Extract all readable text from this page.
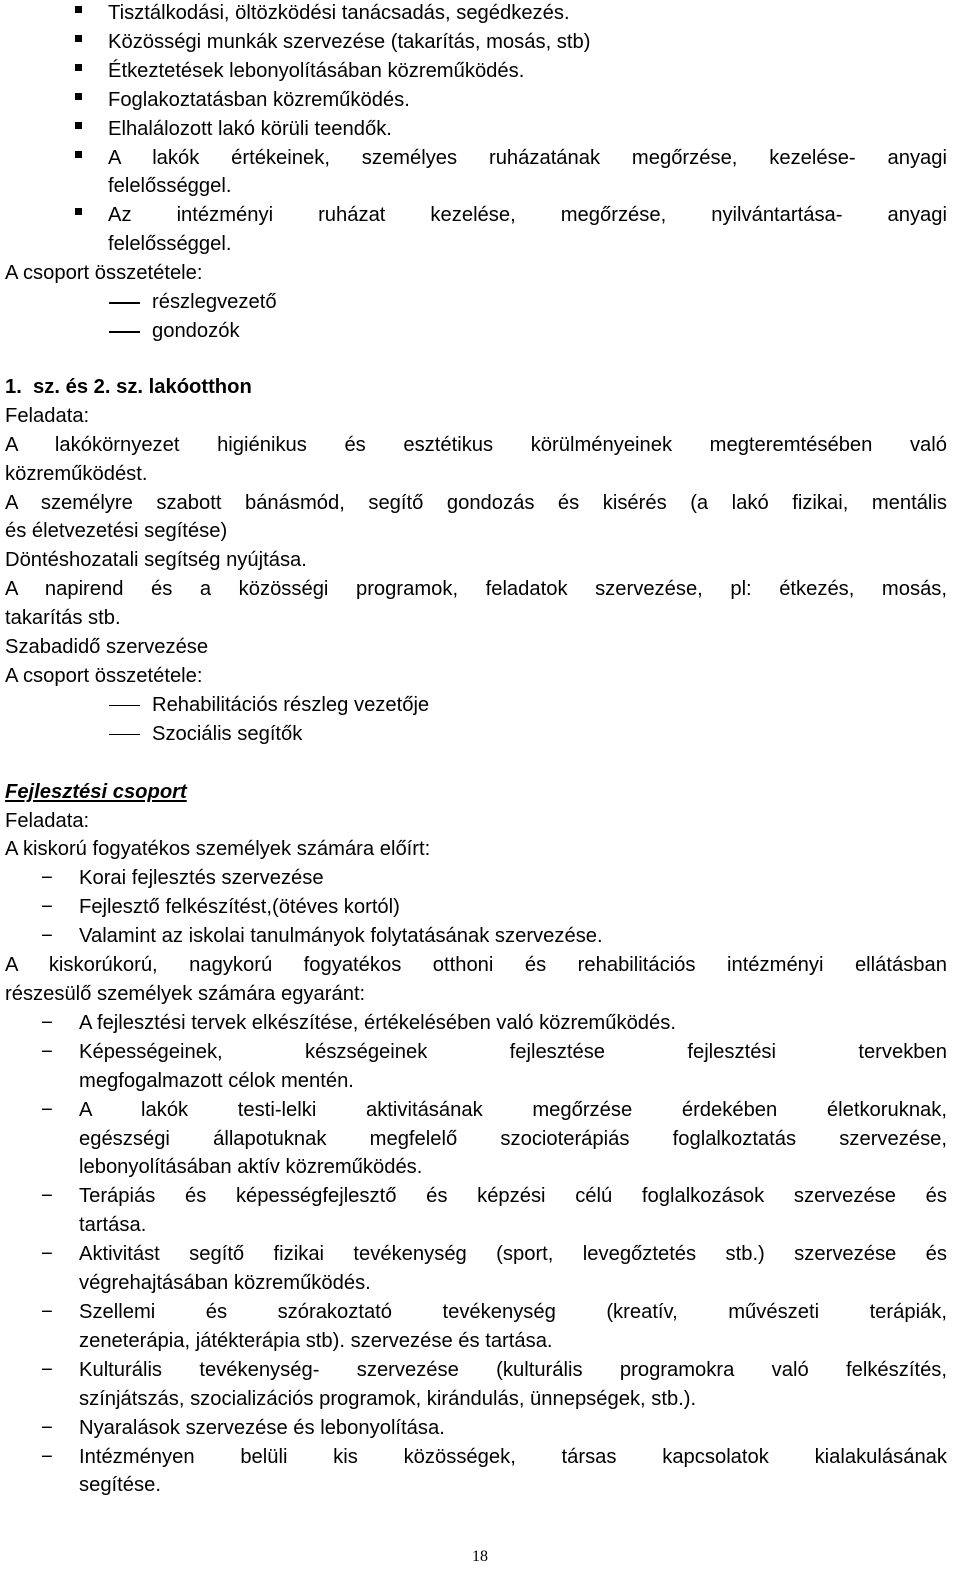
Tisztálkodási, öltözködési tanácsadás, segédkezés.
Közösségi munkák szervezése (takarítás, mosás, stb)
Étkeztetések lebonyolításában közreműködés.
Foglakoztatásban közreműködés.
Elhalálozott lakó körüli teendők.
A lakók értékeinek, személyes ruházatának megőrzése, kezelése- anyagi
felelősséggel.
Az intézményi ruházat kezelése, megőrzése, nyilvántartása- anyagi
felelősséggel.
A csoport összetétele:
részlegvezető
gondozók
1.  sz. és 2. sz. lakóotthon
Feladata:
A lakókörnyezet higiénikus és esztétikus körülményeinek megteremtésében való
közreműködést.
A személyre szabott bánásmód, segítő gondozás és kisérés (a lakó fizikai, mentális
és életvezetési segítése)
Döntéshozatali segítség nyújtása.
A napirend és a közösségi programok, feladatok szervezése, pl: étkezés, mosás,
takarítás stb.
Szabadidő szervezése
A csoport összetétele:
Rehabilitációs részleg vezetője
Szociális segítők
Fejlesztési csoport
Feladata:
A kiskorú fogyatékos személyek számára előírt:
− Korai fejlesztés szervezése
− Fejlesztő felkészítést,(ötéves kortól)
− Valamint az iskolai tanulmányok folytatásának szervezése.
A kiskorúkorú, nagykorú fogyatékos otthoni és rehabilitációs intézményi ellátásban
részesülő személyek számára egyaránt:
− A fejlesztési tervek elkészítése, értékelésében való közreműködés.
− Képességeinek, készségeinek fejlesztése fejlesztési tervekben
megfogalmazott célok mentén.
− A lakók testi-lelki aktivitásának megőrzése érdekében életkoruknak,
egészségi állapotuknak megfelelő szocioterápiás foglalkoztatás szervezése,
lebonyolításában aktív közreműködés.
− Terápiás és képességfejlesztő és képzési célú foglalkozások szervezése és
tartása.
− Aktivitást segítő fizikai tevékenység (sport, levegőztetés stb.) szervezése és
végrehajtásában közreműködés.
− Szellemi és szórakoztató tevékenység (kreatív, művészeti terápiák,
zeneterápia, játékterápia stb). szervezése és tartása.
− Kulturális tevékenység- szervezése (kulturális programokra való felkészítés,
színjátszás, szocializációs programok, kirándulás, ünnepségek, stb.).
− Nyaralások szervezése és lebonyolítása.
− Intézményen belüli kis közösségek, társas kapcsolatok kialakulásának
segítése.
18
